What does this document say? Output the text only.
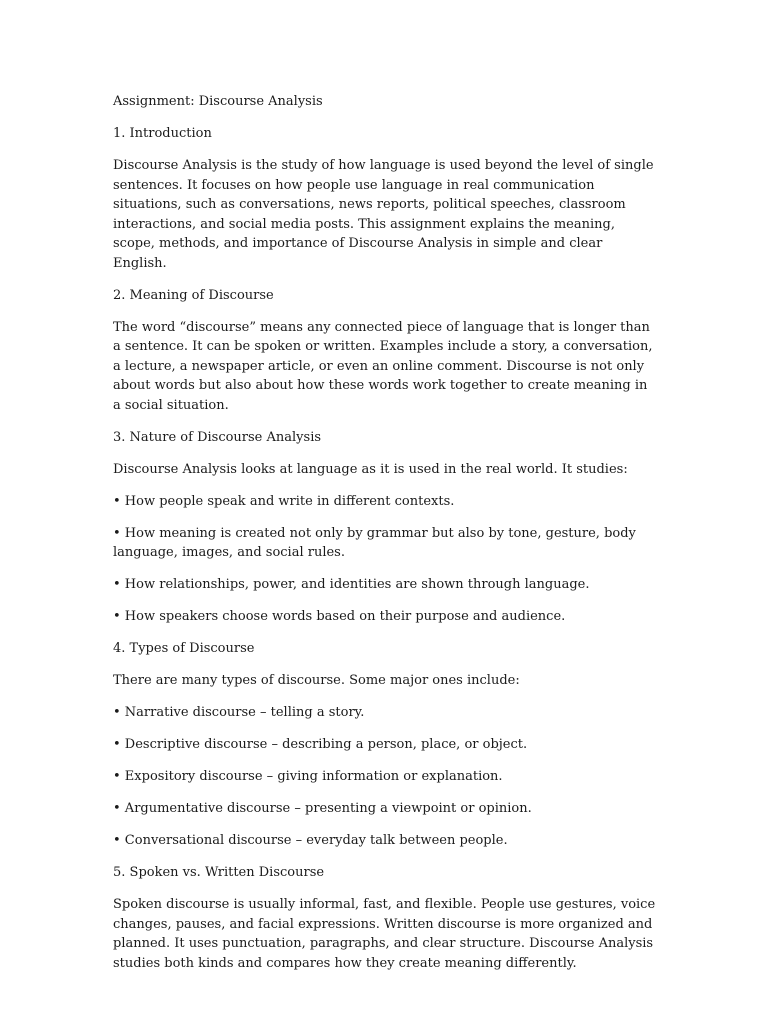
Assignment: Discourse Analysis

1. Introduction

Discourse Analysis is the study of how language is used beyond the level of single sentences. It focuses on how people use language in real communication situations, such as conversations, news reports, political speeches, classroom interactions, and social media posts. This assignment explains the meaning, scope, methods, and importance of Discourse Analysis in simple and clear English.

2. Meaning of Discourse

The word “discourse” means any connected piece of language that is longer than a sentence. It can be spoken or written. Examples include a story, a conversation, a lecture, a newspaper article, or even an online comment. Discourse is not only about words but also about how these words work together to create meaning in a social situation.

3. Nature of Discourse Analysis

Discourse Analysis looks at language as it is used in the real world. It studies:

• How people speak and write in different contexts.

• How meaning is created not only by grammar but also by tone, gesture, body language, images, and social rules.

• How relationships, power, and identities are shown through language.

• How speakers choose words based on their purpose and audience.

4. Types of Discourse

There are many types of discourse. Some major ones include:

• Narrative discourse – telling a story.

• Descriptive discourse – describing a person, place, or object.

• Expository discourse – giving information or explanation.

• Argumentative discourse – presenting a viewpoint or opinion.

• Conversational discourse – everyday talk between people.

5. Spoken vs. Written Discourse

Spoken discourse is usually informal, fast, and flexible. People use gestures, voice changes, pauses, and facial expressions. Written discourse is more organized and planned. It uses punctuation, paragraphs, and clear structure. Discourse Analysis studies both kinds and compares how they create meaning differently.
